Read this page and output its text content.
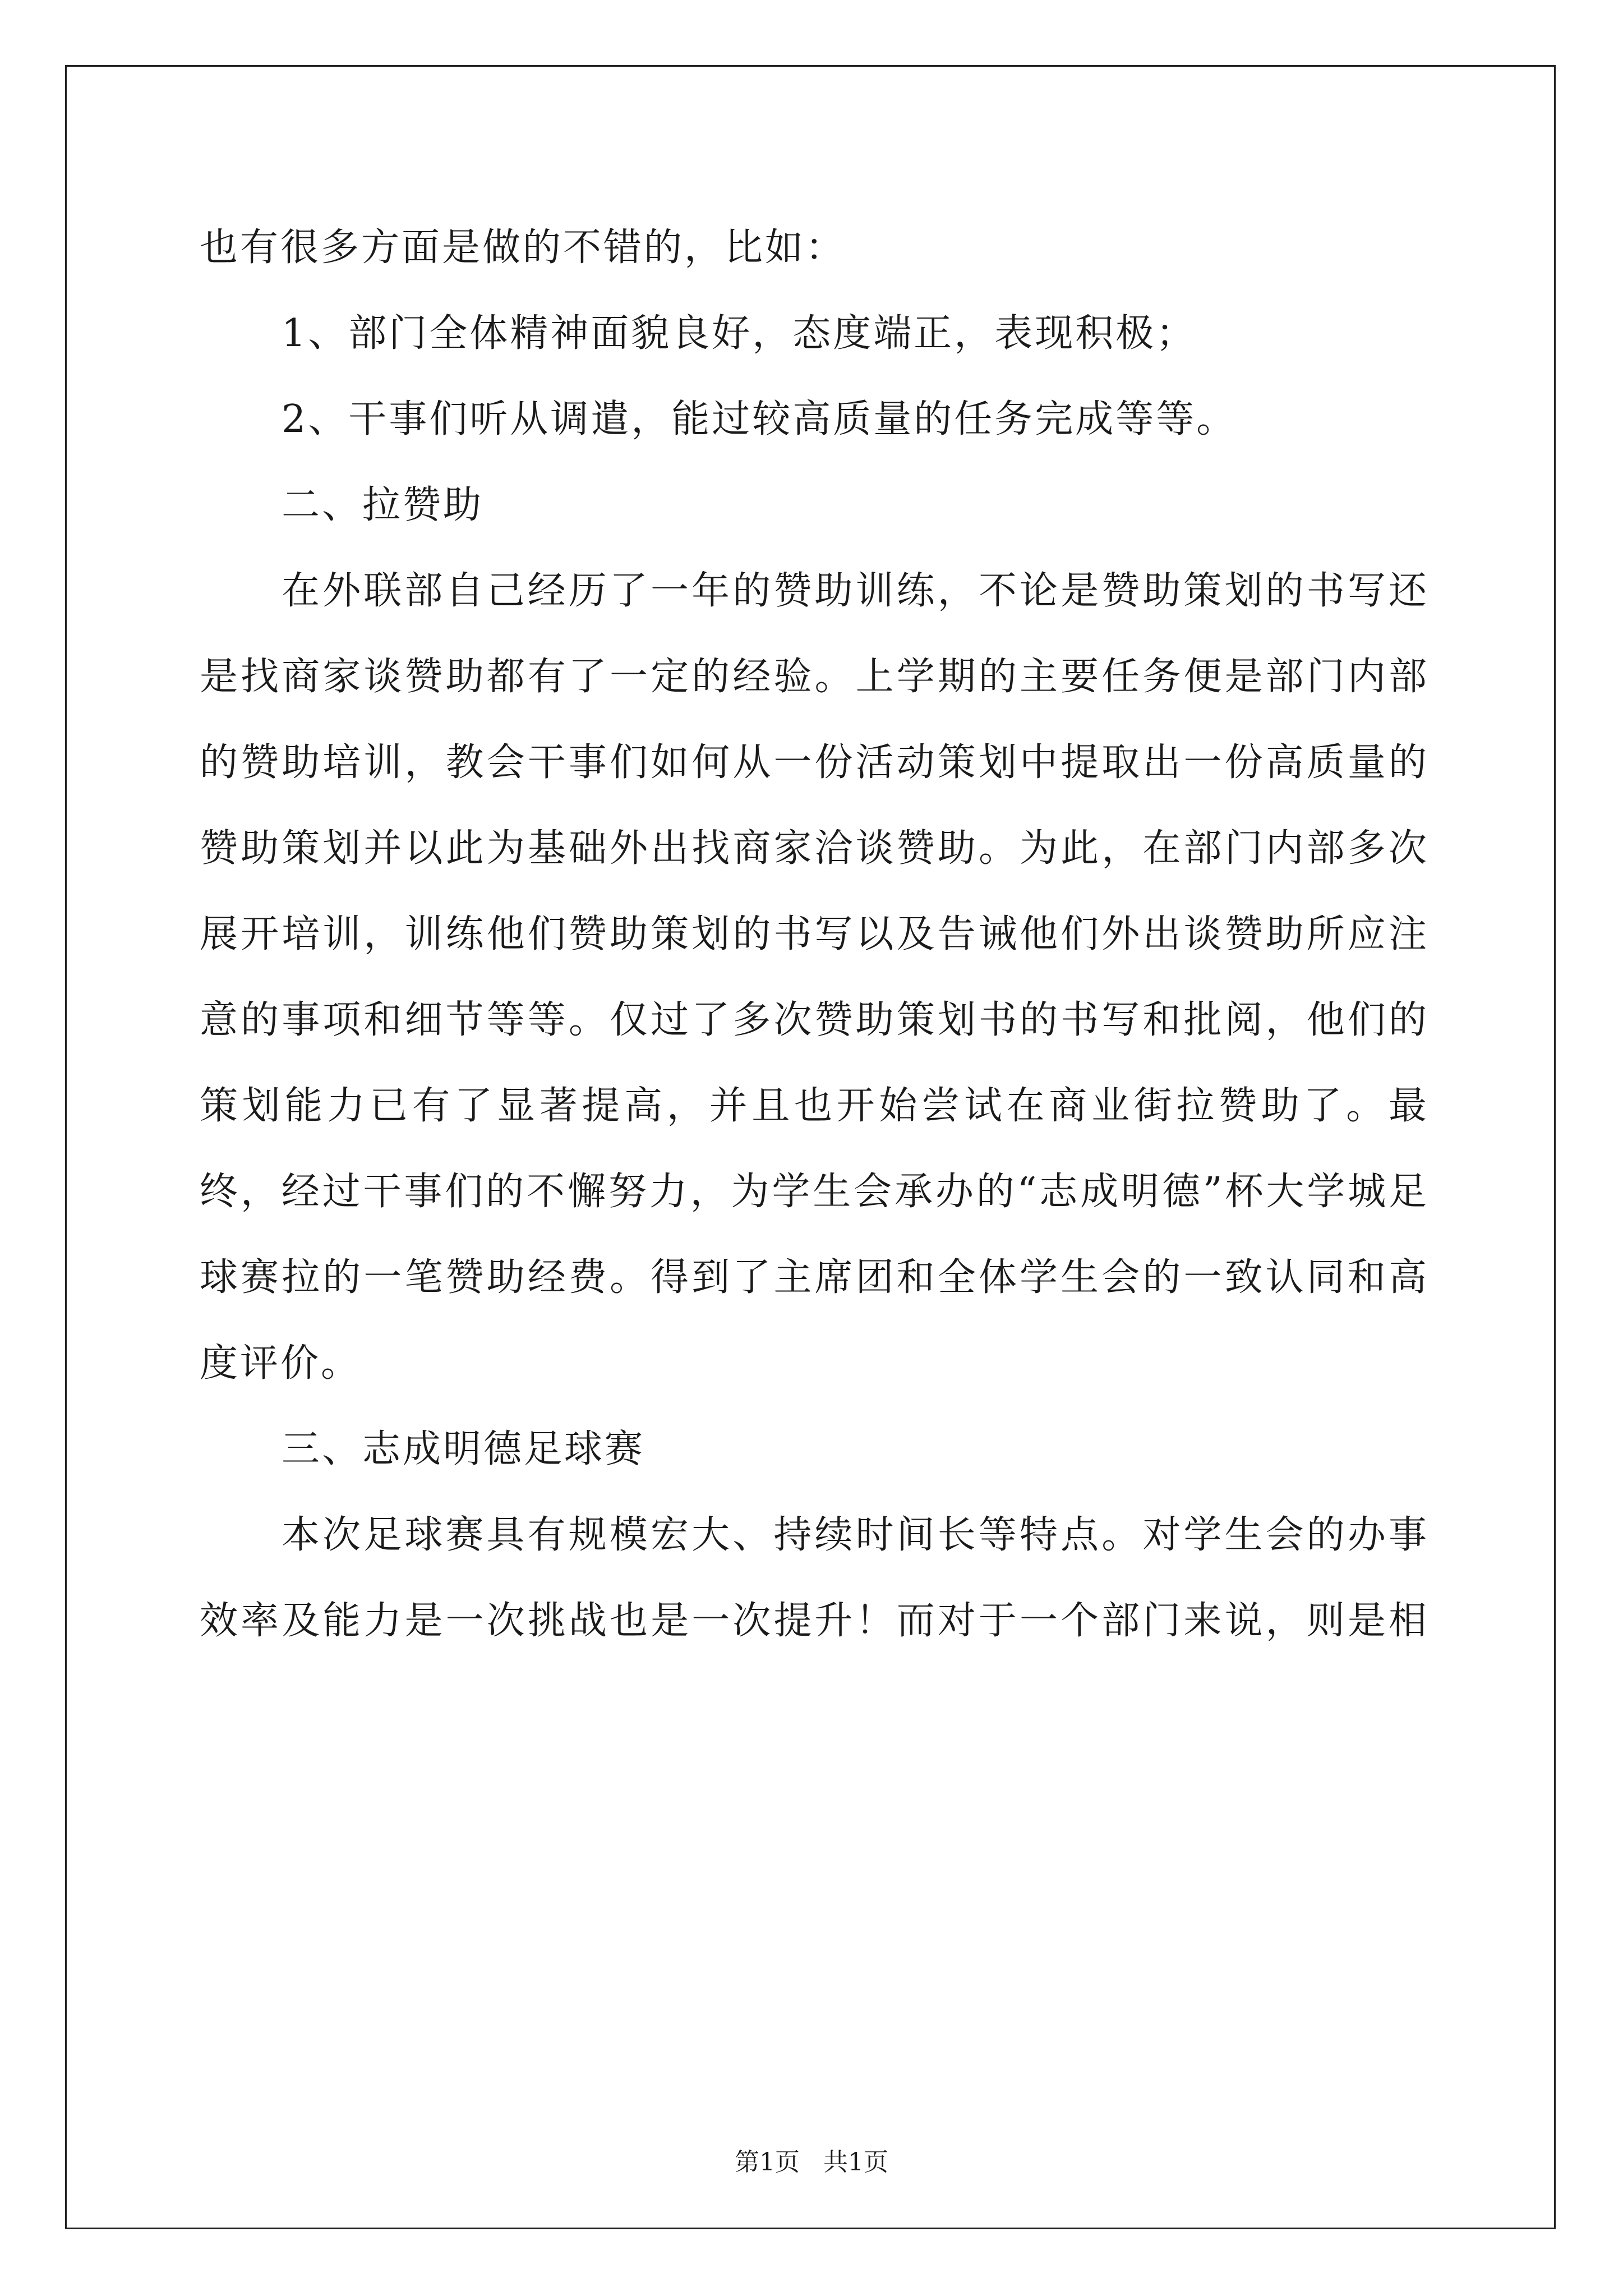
也有很多方面是做的不错的，比如：

1、部门全体精神面貌良好，态度端正，表现积极；

2、干事们听从调遣，能过较高质量的任务完成等等。

二、拉赞助

在外联部自己经历了一年的赞助训练，不论是赞助策划的书写还是找商家谈赞助都有了一定的经验。上学期的主要任务便是部门内部的赞助培训，教会干事们如何从一份活动策划中提取出一份高质量的赞助策划并以此为基础外出找商家洽谈赞助。为此，在部门内部多次展开培训，训练他们赞助策划的书写以及告诫他们外出谈赞助所应注意的事项和细节等等。仅过了多次赞助策划书的书写和批阅，他们的策划能力已有了显著提高，并且也开始尝试在商业街拉赞助了。最终，经过干事们的不懈努力，为学生会承办的“志成明德”杯大学城足球赛拉的一笔赞助经费。得到了主席团和全体学生会的一致认同和高度评价。

三、志成明德足球赛

本次足球赛具有规模宏大、持续时间长等特点。对学生会的办事效率及能力是一次挑战也是一次提升！而对于一个部门来说，则是相

第1页 共1页
